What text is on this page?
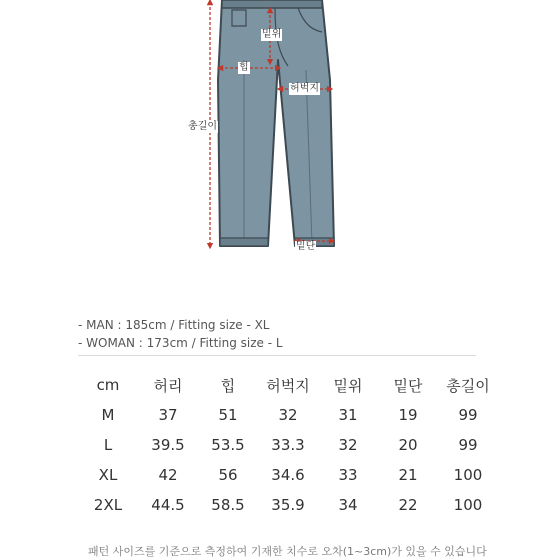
밑위
힙
허벅지
총길이
밑단
- MAN : 185cm / Fitting size - XL
- WOMAN : 173cm / Fitting size - L
cm	허리	힙	허벅지	밑위	밑단	총길이
M	37	51	32	31	19	99
L	39.5	53.5	33.3	32	20	99
XL	42	56	34.6	33	21	100
2XL	44.5	58.5	35.9	34	22	100
패턴 사이즈를 기준으로 측정하여 기재한 치수로 오차(1~3cm)가 있을 수 있습니다
